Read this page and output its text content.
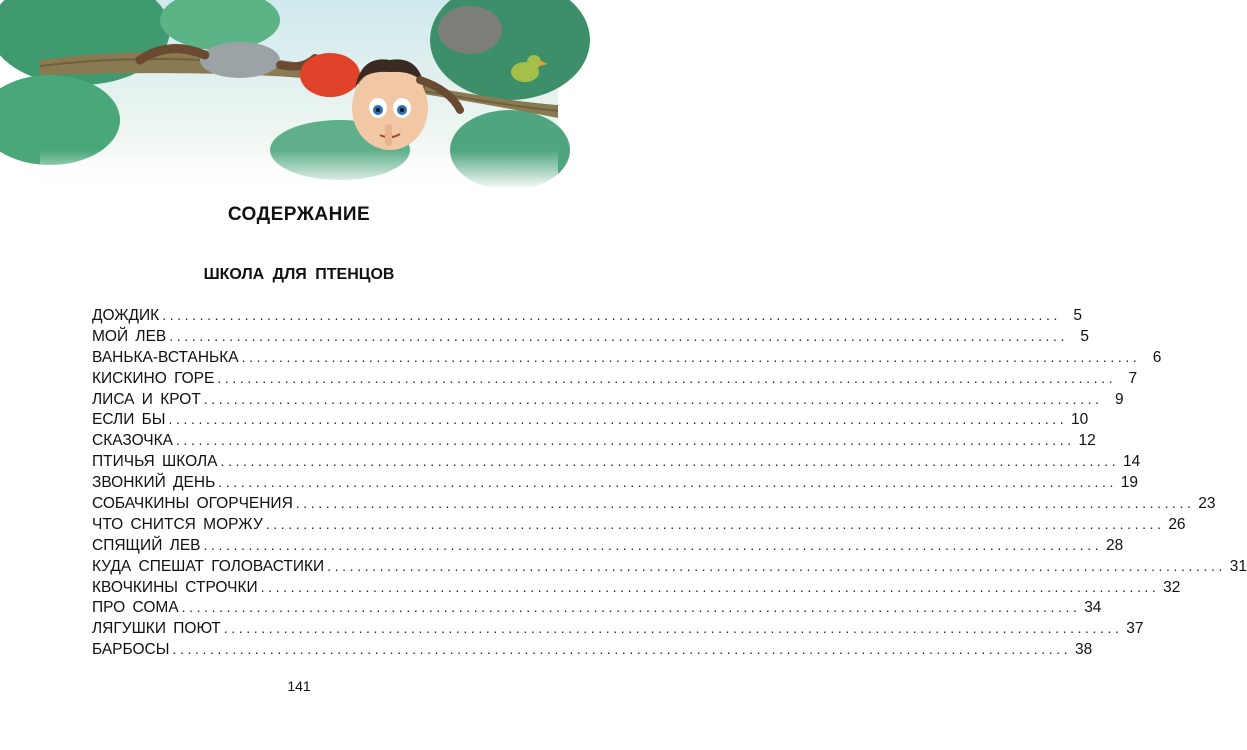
СОДЕРЖАНИЕ
ШКОЛА ДЛЯ ПТЕНЦОВ
ДОЖДИК ........................................................................................................................ 5
МОЙ ЛЕВ ........................................................................................................................ 5
ВАНЬКА-ВСТАНЬКА ........................................................................................................................ 6
КИСКИНО ГОРЕ ........................................................................................................................ 7
ЛИСА И КРОТ ........................................................................................................................ 9
ЕСЛИ БЫ ........................................................................................................................ 10
СКАЗОЧКА ........................................................................................................................ 12
ПТИЧЬЯ ШКОЛА ........................................................................................................................ 14
ЗВОНКИЙ ДЕНЬ ........................................................................................................................ 19
СОБАЧКИНЫ ОГОРЧЕНИЯ ........................................................................................................................ 23
ЧТО СНИТСЯ МОРЖУ ........................................................................................................................ 26
СПЯЩИЙ ЛЕВ ........................................................................................................................ 28
КУДА СПЕШАТ ГОЛОВАСТИКИ ........................................................................................................................ 31
КВОЧКИНЫ СТРОЧКИ ........................................................................................................................ 32
ПРО СОМА ........................................................................................................................ 34
ЛЯГУШКИ ПОЮТ ........................................................................................................................ 37
БАРБОСЫ ........................................................................................................................ 38
141
